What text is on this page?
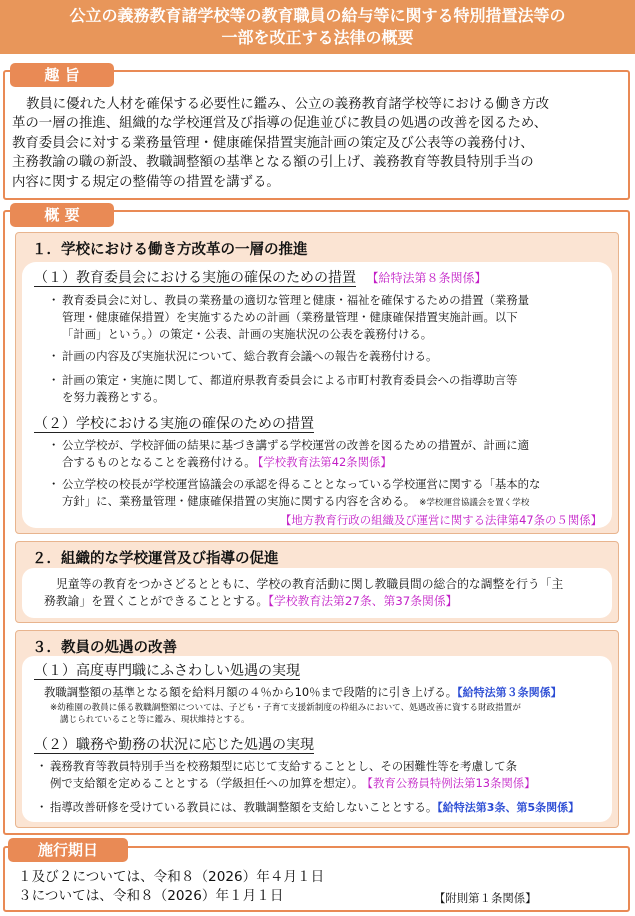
公立の義務教育諸学校等の教育職員の給与等に関する特別措置法等の
一部を改正する法律の概要
趣 旨
教員に優れた人材を確保する必要性に鑑み、公立の義務教育諸学校等における働き方改
革の一層の推進、組織的な学校運営及び指導の促進並びに教員の処遇の改善を図るため、
教育委員会に対する業務量管理・健康確保措置実施計画の策定及び公表等の義務付け、
主務教諭の職の新設、教職調整額の基準となる額の引上げ、義務教育等教員特別手当の
内容に関する規定の整備等の措置を講ずる。
概 要
１．学校における働き方改革の一層の推進
（１）教育委員会における実施の確保のための措置 【給特法第８条関係】
・ 教育委員会に対し、教員の業務量の適切な管理と健康・福祉を確保するための措置（業務量
管理・健康確保措置）を実施するための計画（業務量管理・健康確保措置実施計画。以下
「計画」という。）の策定・公表、計画の実施状況の公表を義務付ける。
・ 計画の内容及び実施状況について、総合教育会議への報告を義務付ける。
・ 計画の策定・実施に関して、都道府県教育委員会による市町村教育委員会への指導助言等
を努力義務とする。
（２）学校における実施の確保のための措置
・ 公立学校が、学校評価の結果に基づき講ずる学校運営の改善を図るための措置が、計画に適
合するものとなることを義務付ける。 【学校教育法第42条関係】
・ 公立学校の校長が学校運営協議会の承認を得ることとなっている学校運営に関する「基本的な
方針」に、業務量管理・健康確保措置の実施に関する内容を含める。 ※学校運営協議会を置く学校
【地方教育行政の組織及び運営に関する法律第47条の５関係】
２．組織的な学校運営及び指導の促進
児童等の教育をつかさどるとともに、学校の教育活動に関し教職員間の総合的な調整を行う「主
務教諭」を置くことができることとする。【学校教育法第27条、第37条関係】
３．教員の処遇の改善
（１）高度専門職にふさわしい処遇の実現
教職調整額の基準となる額を給料月額の４％から10％まで段階的に引き上げる。【給特法第３条関係】
※幼稚園の教員に係る教職調整額については、子ども・子育て支援新制度の枠組みにおいて、処遇改善に資する財政措置が
講じられていること等に鑑み、現状維持とする。
（２）職務や勤務の状況に応じた処遇の実現
・ 義務教育等教員特別手当を校務類型に応じて支給することとし、その困難性等を考慮して条
例で支給額を定めることとする（学級担任への加算を想定）。 【教育公務員特例法第13条関係】
・ 指導改善研修を受けている教員には、教職調整額を支給しないこととする。【給特法第3条、第5条関係】
施行期日
１及び２については、令和８（2026）年４月１日
３については、令和８（2026）年１月１日	【附則第１条関係】
